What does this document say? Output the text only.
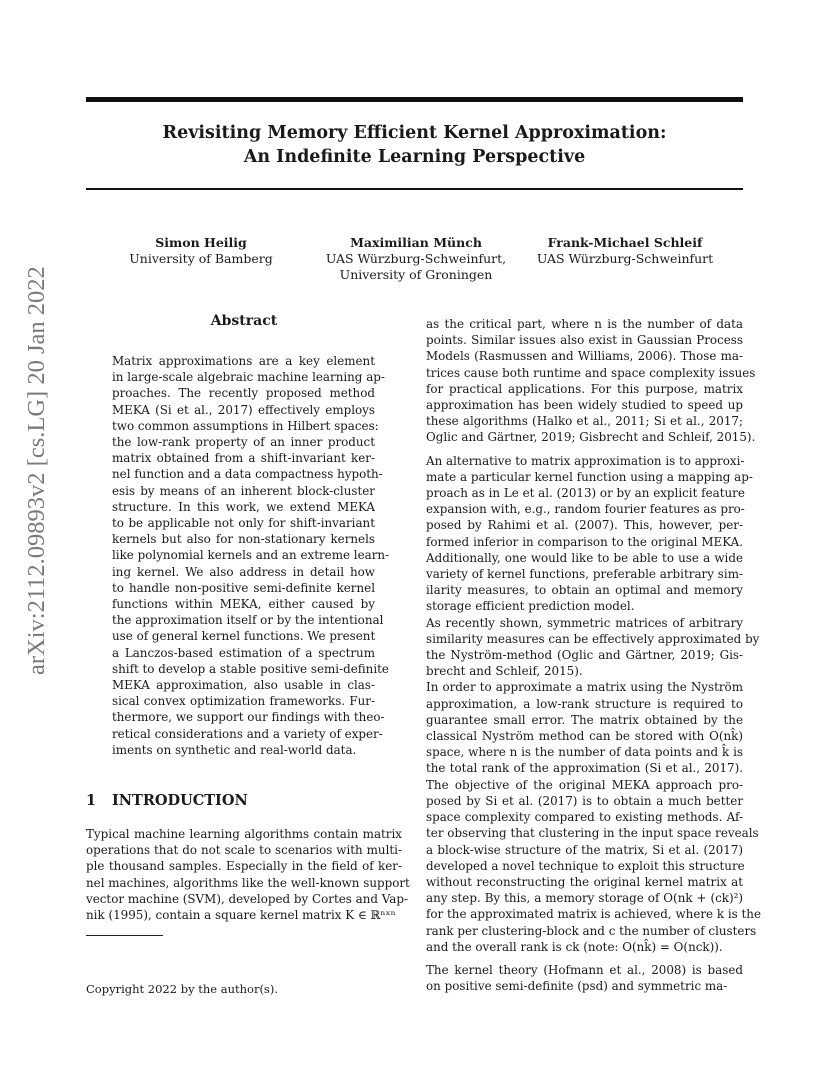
Revisiting Memory Efficient Kernel Approximation:
An Indefinite Learning Perspective
Simon Heilig
University of Bamberg
Maximilian Münch
UAS Würzburg-Schweinfurt,
University of Groningen
Frank-Michael Schleif
UAS Würzburg-Schweinfurt
arXiv:2112.09893v2 [cs.LG] 20 Jan 2022	Abstract
Matrix approximations are a key element
in large-scale algebraic machine learning ap-
proaches. The recently proposed method
MEKA (Si et al., 2017) effectively employs
two common assumptions in Hilbert spaces:
the low-rank property of an inner product
matrix obtained from a shift-invariant ker-
nel function and a data compactness hypoth-
esis by means of an inherent block-cluster
structure. In this work, we extend MEKA
to be applicable not only for shift-invariant
kernels but also for non-stationary kernels
like polynomial kernels and an extreme learn-
ing kernel. We also address in detail how
to handle non-positive semi-definite kernel
functions within MEKA, either caused by
the approximation itself or by the intentional
use of general kernel functions. We present
a Lanczos-based estimation of a spectrum
shift to develop a stable positive semi-definite
MEKA approximation, also usable in clas-
sical convex optimization frameworks. Fur-
thermore, we support our findings with theo-
retical considerations and a variety of exper-
iments on synthetic and real-world data.
1 INTRODUCTION
Typical machine learning algorithms contain matrix
operations that do not scale to scenarios with multi-
ple thousand samples. Especially in the field of ker-
nel machines, algorithms like the well-known support
vector machine (SVM), developed by Cortes and Vap-
nik (1995), contain a square kernel matrix K ∈ ℝⁿˣⁿ
Copyright 2022 by the author(s).
as the critical part, where n is the number of data
points. Similar issues also exist in Gaussian Process
Models (Rasmussen and Williams, 2006). Those ma-
trices cause both runtime and space complexity issues
for practical applications. For this purpose, matrix
approximation has been widely studied to speed up
these algorithms (Halko et al., 2011; Si et al., 2017;
Oglic and Gärtner, 2019; Gisbrecht and Schleif, 2015).
An alternative to matrix approximation is to approxi-
mate a particular kernel function using a mapping ap-
proach as in Le et al. (2013) or by an explicit feature
expansion with, e.g., random fourier features as pro-
posed by Rahimi et al. (2007). This, however, per-
formed inferior in comparison to the original MEKA.
Additionally, one would like to be able to use a wide
variety of kernel functions, preferable arbitrary sim-
ilarity measures, to obtain an optimal and memory
storage efficient prediction model.
As recently shown, symmetric matrices of arbitrary
similarity measures can be effectively approximated by
the Nyström-method (Oglic and Gärtner, 2019; Gis-
brecht and Schleif, 2015).
In order to approximate a matrix using the Nyström
approximation, a low-rank structure is required to
guarantee small error. The matrix obtained by the
classical Nyström method can be stored with O(nk̂)
space, where n is the number of data points and k̂ is
the total rank of the approximation (Si et al., 2017).
The objective of the original MEKA approach pro-
posed by Si et al. (2017) is to obtain a much better
space complexity compared to existing methods. Af-
ter observing that clustering in the input space reveals
a block-wise structure of the matrix, Si et al. (2017)
developed a novel technique to exploit this structure
without reconstructing the original kernel matrix at
any step. By this, a memory storage of O(nk + (ck)²)
for the approximated matrix is achieved, where k is the
rank per clustering-block and c the number of clusters
and the overall rank is ck (note: O(nk̂) = O(nck)).
The kernel theory (Hofmann et al., 2008) is based
on positive semi-definite (psd) and symmetric ma-
